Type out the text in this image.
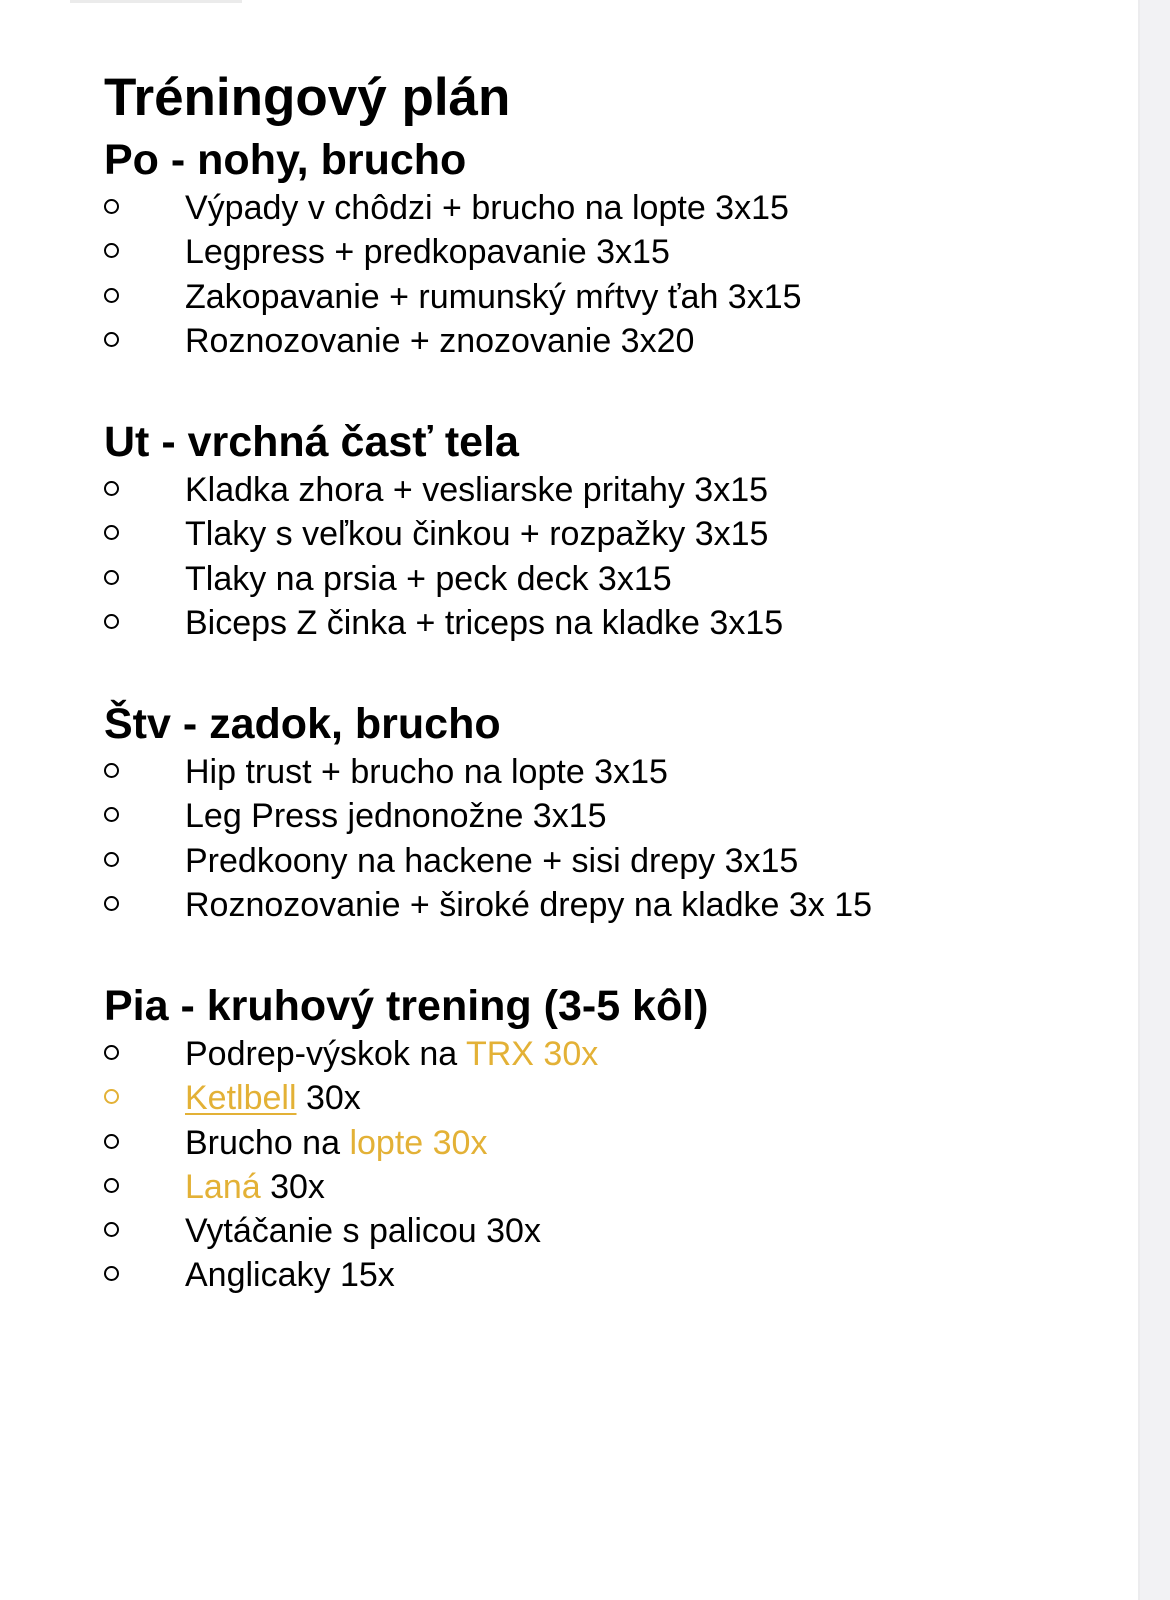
Tréningový plán
Po - nohy, brucho
Výpady v chôdzi + brucho na lopte 3x15
Legpress + predkopavanie 3x15
Zakopavanie + rumunský mŕtvy ťah 3x15
Roznozovanie + znozovanie 3x20
Ut - vrchná časť tela
Kladka zhora + vesliarske pritahy 3x15
Tlaky s veľkou činkou + rozpažky 3x15
Tlaky na prsia + peck deck 3x15
Biceps Z činka + triceps na kladke 3x15
Štv - zadok, brucho
Hip trust + brucho na lopte 3x15
Leg Press jednonožne 3x15
Predkoony na hackene + sisi drepy 3x15
Roznozovanie + široké drepy na kladke 3x 15
Pia - kruhový trening (3-5 kôl)
Podrep-výskok na TRX 30x
Ketlbell 30x
Brucho na lopte 30x
Laná 30x
Vytáčanie s palicou 30x
Anglicaky 15x
